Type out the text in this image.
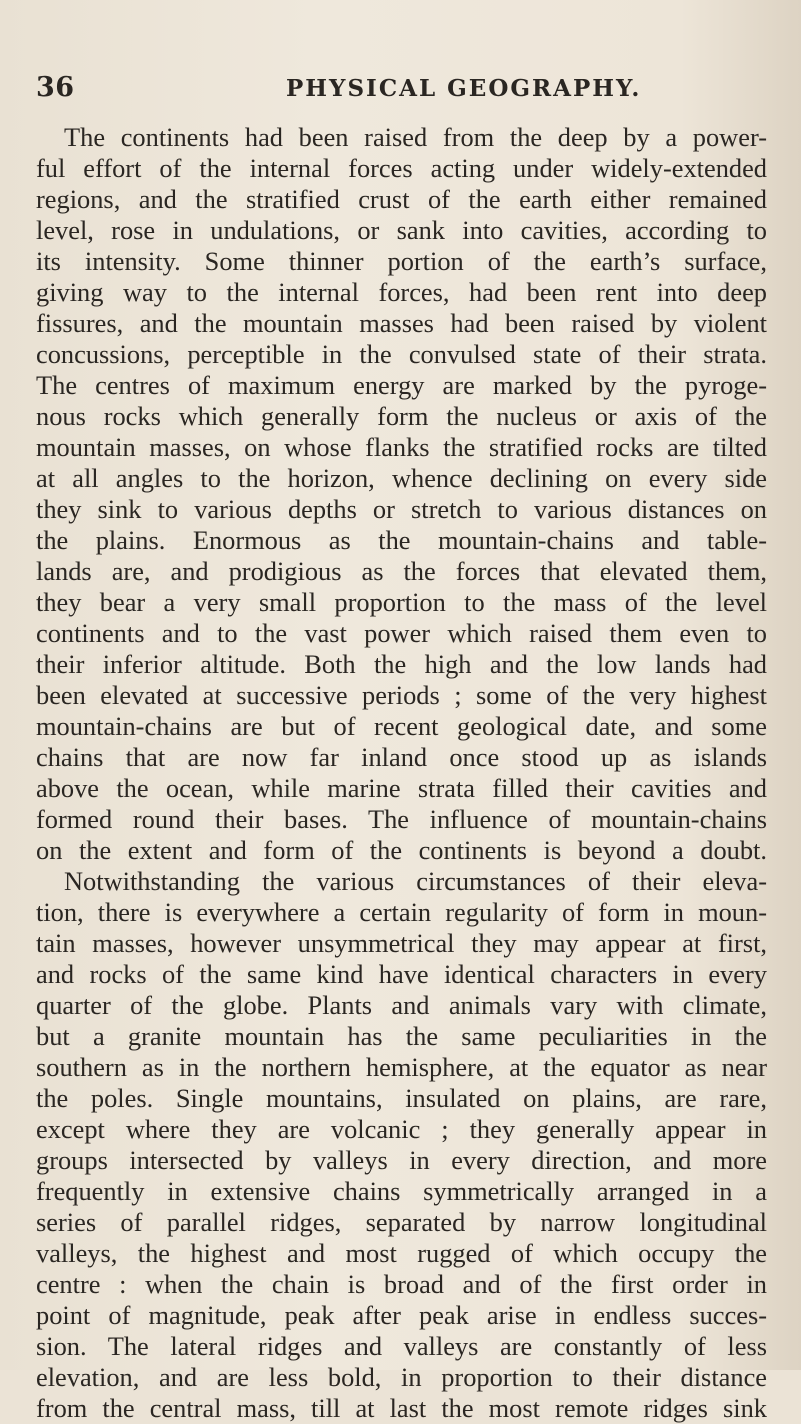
36	PHYSICAL GEOGRAPHY.
The continents had been raised from the deep by a power-
ful effort of the internal forces acting under widely-extended
regions, and the stratified crust of the earth either remained
level, rose in undulations, or sank into cavities, according to
its intensity. Some thinner portion of the earth’s surface,
giving way to the internal forces, had been rent into deep
fissures, and the mountain masses had been raised by violent
concussions, perceptible in the convulsed state of their strata.
The centres of maximum energy are marked by the pyroge-
nous rocks which generally form the nucleus or axis of the
mountain masses, on whose flanks the stratified rocks are tilted
at all angles to the horizon, whence declining on every side
they sink to various depths or stretch to various distances on
the plains. Enormous as the mountain-chains and table-
lands are, and prodigious as the forces that elevated them,
they bear a very small proportion to the mass of the level
continents and to the vast power which raised them even to
their inferior altitude. Both the high and the low lands had
been elevated at successive periods ; some of the very highest
mountain-chains are but of recent geological date, and some
chains that are now far inland once stood up as islands
above the ocean, while marine strata filled their cavities and
formed round their bases. The influence of mountain-chains
on the extent and form of the continents is beyond a doubt.
Notwithstanding the various circumstances of their eleva-
tion, there is everywhere a certain regularity of form in moun-
tain masses, however unsymmetrical they may appear at first,
and rocks of the same kind have identical characters in every
quarter of the globe. Plants and animals vary with climate,
but a granite mountain has the same peculiarities in the
southern as in the northern hemisphere, at the equator as near
the poles. Single mountains, insulated on plains, are rare,
except where they are volcanic ; they generally appear in
groups intersected by valleys in every direction, and more
frequently in extensive chains symmetrically arranged in a
series of parallel ridges, separated by narrow longitudinal
valleys, the highest and most rugged of which occupy the
centre : when the chain is broad and of the first order in
point of magnitude, peak after peak arise in endless succes-
sion. The lateral ridges and valleys are constantly of less
elevation, and are less bold, in proportion to their distance
from the central mass, till at last the most remote ridges sink
